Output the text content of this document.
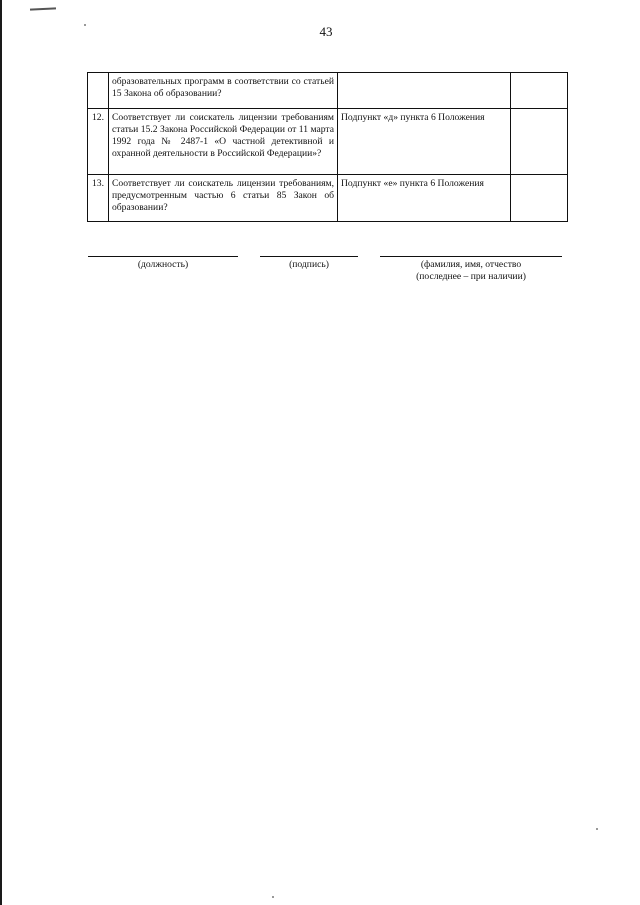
43
	образовательных программ в соответствии со статьей 15 Закона об образовании?		
12.	Соответствует ли соискатель лицензии требованиям статьи 15.2 Закона Российской Федерации от 11 марта 1992 года № 2487-1 «О частной детективной и охранной деятельности в Российской Федерации»?	Подпункт «д» пункта 6 Положения	
13.	Соответствует ли соискатель лицензии требованиям, предусмотренным частью 6 статьи 85 Закон об образовании?	Подпункт «е» пункта 6 Положения	
(должность)	(подпись)	(фамилия, имя, отчество
(последнее – при наличии)
